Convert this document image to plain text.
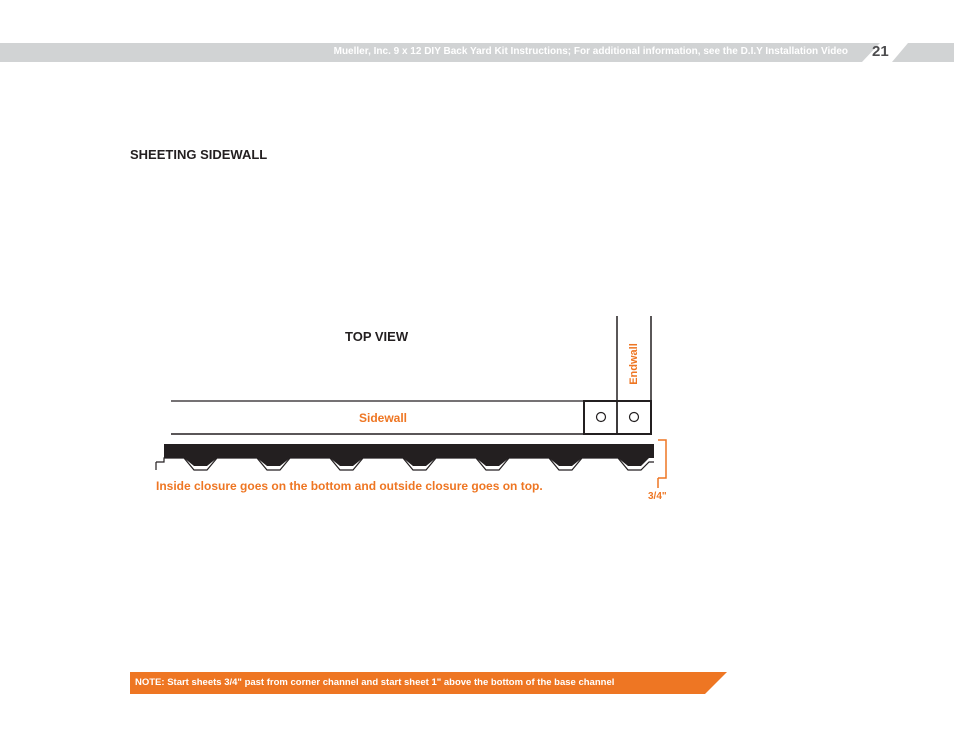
Mueller, Inc. 9 x 12 DIY Back Yard Kit Instructions; For additional information, see the D.I.Y Installation Video 21
SHEETING SIDEWALL
TOP VIEW
Sidewall
Endwall
Inside closure goes on the bottom and outside closure goes on top.
3/4"
NOTE: Start sheets 3/4" past from corner channel and start sheet 1" above the bottom of the base channel
